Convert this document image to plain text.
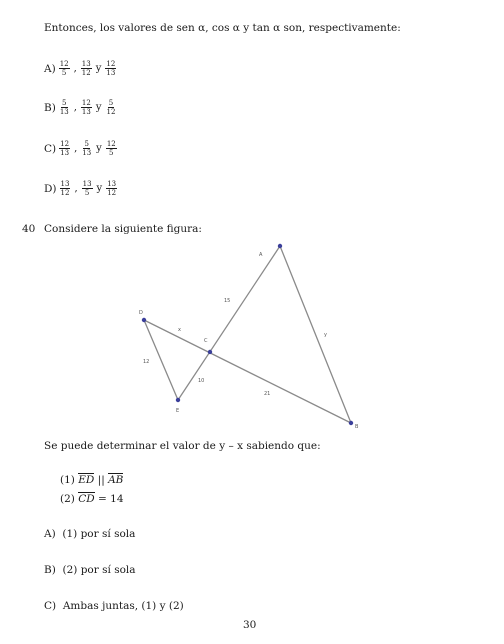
Entonces, los valores de sen α, cos α y tan α son, respectivamente:
$A) \frac{12}{5}$ , $\frac{13}{12}$ y $\frac{12}{13}$
$B) \frac{5}{13}$ , $\frac{12}{13}$ y $\frac{5}{12}$
$C) \frac{12}{13}$ , $\frac{5}{13}$ y $\frac{12}{5}$
$D) \frac{13}{12}$ , $\frac{13}{5}$ y $\frac{13}{12}$
40 Considere la siguiente figura:
A
B
C
D
E
15
y
x
12
10
21
Se puede determinar el valor de y – x sabiendo que:
(1) ED || AB
(2) CD = 14
A) (1) por sí sola
B) (2) por sí sola
C) Ambas juntas, (1) y (2)
30
